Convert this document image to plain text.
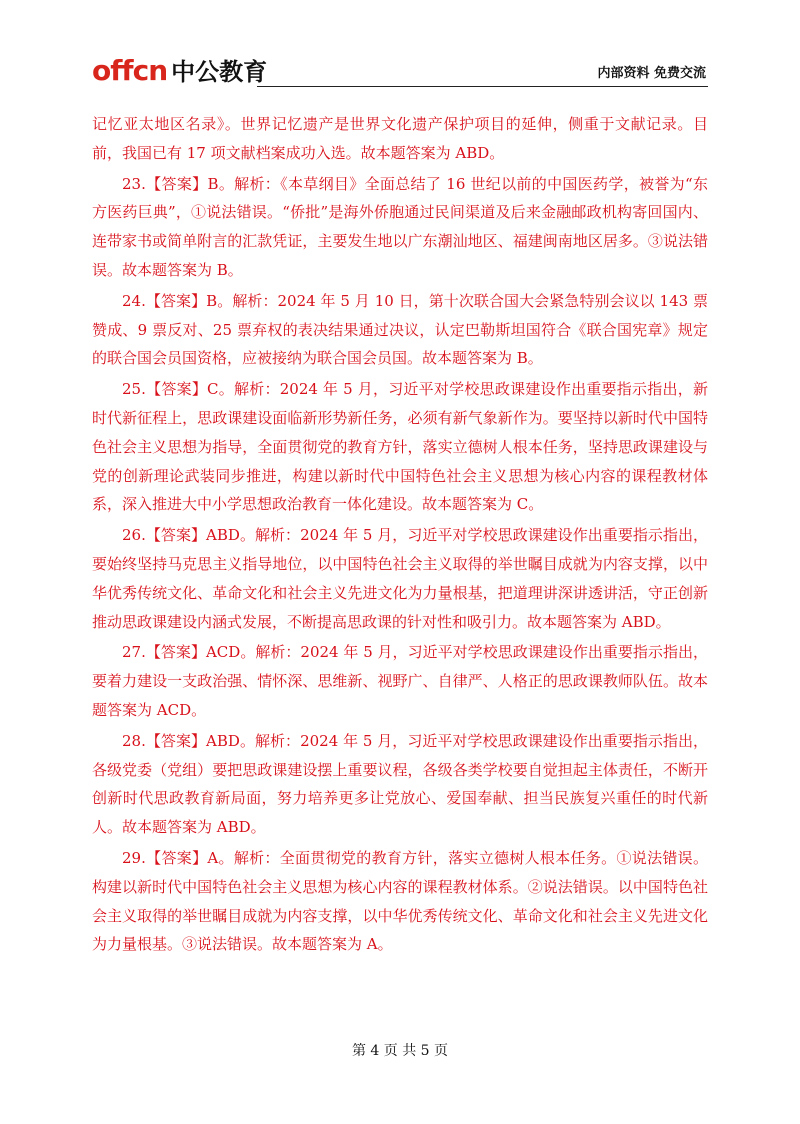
offcn 中公教育	内部资料 免费交流

记忆亚太地区名录》。世界记忆遗产是世界文化遗产保护项目的延伸，侧重于文献记录。目前，我国已有 17 项文献档案成功入选。故本题答案为 ABD。

23.【答案】B。解析：《本草纲目》全面总结了 16 世纪以前的中国医药学，被誉为“东方医药巨典”，①说法错误。“侨批”是海外侨胞通过民间渠道及后来金融邮政机构寄回国内、连带家书或简单附言的汇款凭证，主要发生地以广东潮汕地区、福建闽南地区居多。③说法错误。故本题答案为 B。

24.【答案】B。解析：2024 年 5 月 10 日，第十次联合国大会紧急特别会议以 143 票赞成、9 票反对、25 票弃权的表决结果通过决议，认定巴勒斯坦国符合《联合国宪章》规定的联合国会员国资格，应被接纳为联合国会员国。故本题答案为 B。

25.【答案】C。解析：2024 年 5 月，习近平对学校思政课建设作出重要指示指出，新时代新征程上，思政课建设面临新形势新任务，必须有新气象新作为。要坚持以新时代中国特色社会主义思想为指导，全面贯彻党的教育方针，落实立德树人根本任务，坚持思政课建设与党的创新理论武装同步推进，构建以新时代中国特色社会主义思想为核心内容的课程教材体系，深入推进大中小学思想政治教育一体化建设。故本题答案为 C。

26.【答案】ABD。解析：2024 年 5 月，习近平对学校思政课建设作出重要指示指出，要始终坚持马克思主义指导地位，以中国特色社会主义取得的举世瞩目成就为内容支撑，以中华优秀传统文化、革命文化和社会主义先进文化为力量根基，把道理讲深讲透讲活，守正创新推动思政课建设内涵式发展，不断提高思政课的针对性和吸引力。故本题答案为 ABD。

27.【答案】ACD。解析：2024 年 5 月，习近平对学校思政课建设作出重要指示指出，要着力建设一支政治强、情怀深、思维新、视野广、自律严、人格正的思政课教师队伍。故本题答案为 ACD。

28.【答案】ABD。解析：2024 年 5 月，习近平对学校思政课建设作出重要指示指出，各级党委（党组）要把思政课建设摆上重要议程，各级各类学校要自觉担起主体责任，不断开创新时代思政教育新局面，努力培养更多让党放心、爱国奉献、担当民族复兴重任的时代新人。故本题答案为 ABD。

29.【答案】A。解析：全面贯彻党的教育方针，落实立德树人根本任务。①说法错误。构建以新时代中国特色社会主义思想为核心内容的课程教材体系。②说法错误。以中国特色社会主义取得的举世瞩目成就为内容支撑，以中华优秀传统文化、革命文化和社会主义先进文化为力量根基。③说法错误。故本题答案为 A。

第 4 页 共 5 页
